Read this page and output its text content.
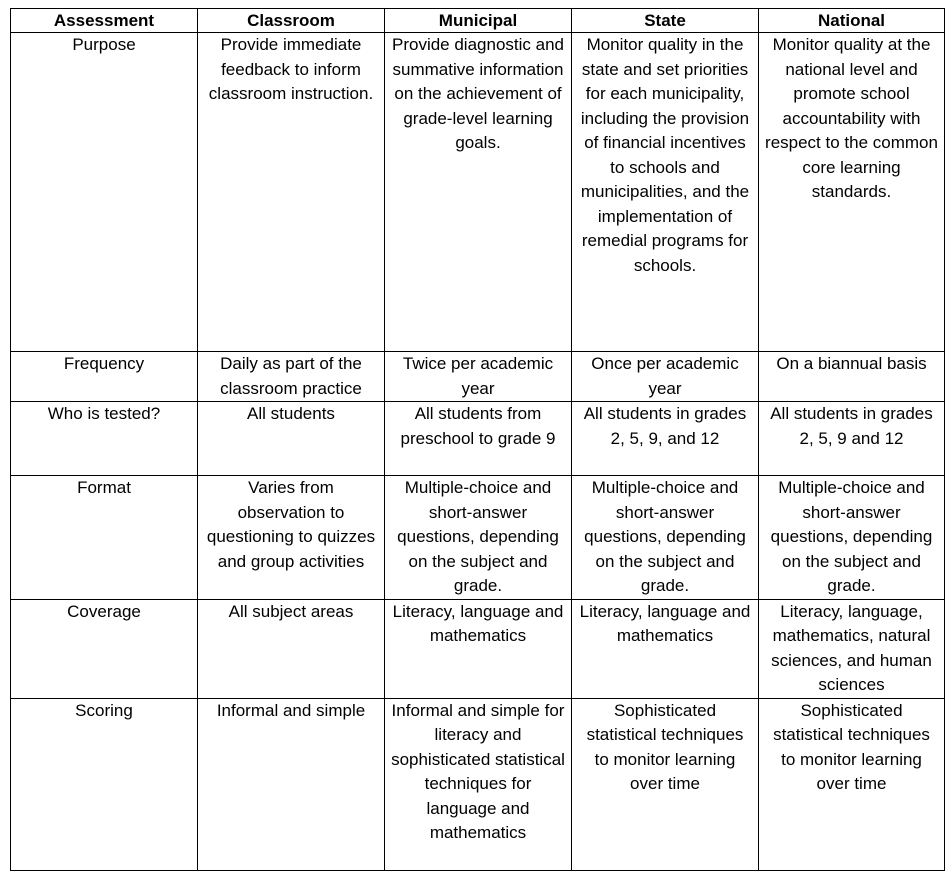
Assessment	Classroom	Municipal	State	National
Purpose	Provide immediate feedback to inform classroom instruction.	Provide diagnostic and summative information on the achievement of grade-level learning goals.	Monitor quality in the state and set priorities for each municipality, including the provision of financial incentives to schools and municipalities, and the implementation of remedial programs for schools.	Monitor quality at the national level and promote school accountability with respect to the common core learning standards.
Frequency	Daily as part of the classroom practice	Twice per academic year	Once per academic year	On a biannual basis
Who is tested?	All students	All students from preschool to grade 9	All students in grades 2, 5, 9, and 12	All students in grades 2, 5, 9 and 12
Format	Varies from observation to questioning to quizzes and group activities	Multiple-choice and short-answer questions, depending on the subject and grade.	Multiple-choice and short-answer questions, depending on the subject and grade.	Multiple-choice and short-answer questions, depending on the subject and grade.
Coverage	All subject areas	Literacy, language and mathematics	Literacy, language and mathematics	Literacy, language, mathematics, natural sciences, and human sciences
Scoring	Informal and simple	Informal and simple for literacy and sophisticated statistical techniques for language and mathematics	Sophisticated statistical techniques to monitor learning over time	Sophisticated statistical techniques to monitor learning over time
